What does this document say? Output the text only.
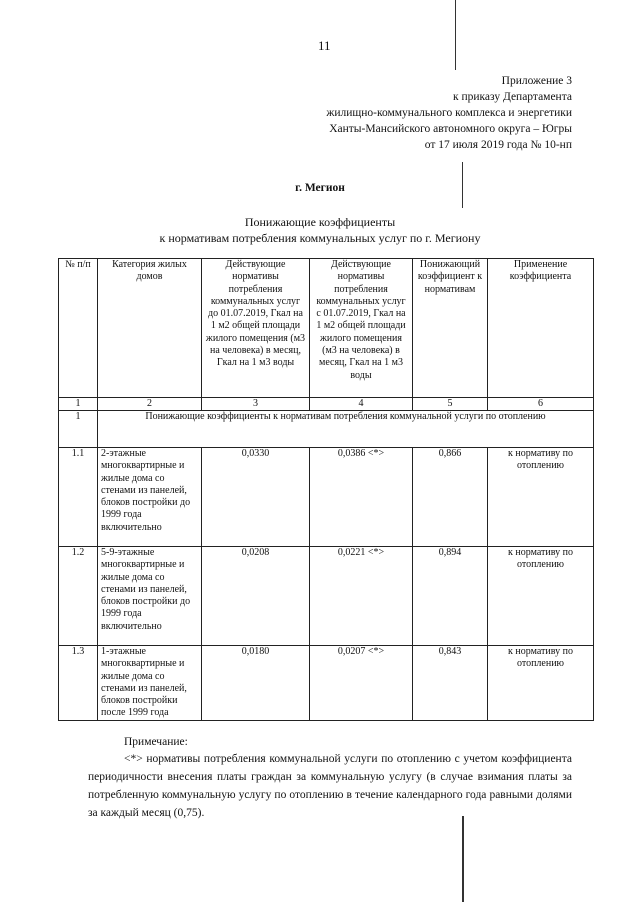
11
Приложение 3
к приказу Департамента
жилищно-коммунального комплекса и энергетики
Ханты-Мансийского автономного округа – Югры
от 17 июля 2019 года № 10-нп
г. Мегион
Понижающие коэффициенты
к нормативам потребления коммунальных услуг по г. Мегиону
№ п/п	Категория жилых домов	Действующие нормативы потребления коммунальных услуг до 01.07.2019, Гкал на 1 м2 общей площади жилого помещения (м3 на человека) в месяц, Гкал на 1 м3 воды	Действующие нормативы потребления коммунальных услуг с 01.07.2019, Гкал на 1 м2 общей площади жилого помещения (м3 на человека) в месяц, Гкал на 1 м3 воды	Понижающий коэффициент к нормативам	Применение коэффициента
1	2	3	4	5	6
1	Понижающие коэффициенты к нормативам потребления коммунальной услуги по отоплению				
1.1	2-этажные многоквартирные и жилые дома со стенами из панелей, блоков постройки до 1999 года включительно	0,0330	0,0386 <*>	0,866	к нормативу по отоплению
1.2	5-9-этажные многоквартирные и жилые дома со стенами из панелей, блоков постройки до 1999 года включительно	0,0208	0,0221 <*>	0,894	к нормативу по отоплению
1.3	1-этажные многоквартирные и жилые дома со стенами из панелей, блоков постройки после 1999 года	0,0180	0,0207 <*>	0,843	к нормативу по отоплению
Примечание:
<*> нормативы потребления коммунальной услуги по отоплению с учетом коэффициента периодичности внесения платы граждан за коммунальную услугу (в случае взимания платы за потребленную коммунальную услугу по отоплению в течение календарного года равными долями за каждый месяц (0,75).
